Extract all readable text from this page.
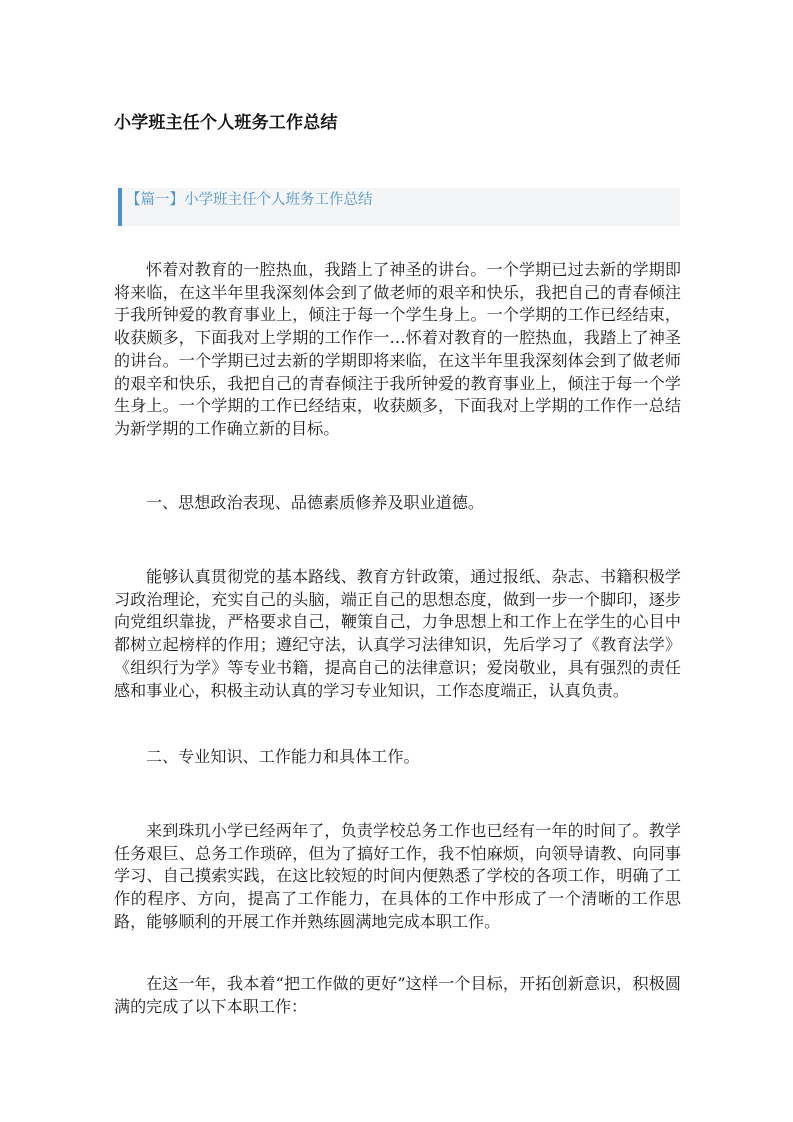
小学班主任个人班务工作总结
【篇一】小学班主任个人班务工作总结

怀着对教育的一腔热血，我踏上了神圣的讲台。一个学期已过去新的学期即将来临，在这半年里我深刻体会到了做老师的艰辛和快乐，我把自己的青春倾注于我所钟爱的教育事业上，倾注于每一个学生身上。一个学期的工作已经结束，收获颇多，下面我对上学期的工作作一…怀着对教育的一腔热血，我踏上了神圣的讲台。一个学期已过去新的学期即将来临，在这半年里我深刻体会到了做老师的艰辛和快乐，我把自己的青春倾注于我所钟爱的教育事业上，倾注于每一个学生身上。一个学期的工作已经结束，收获颇多，下面我对上学期的工作作一总结为新学期的工作确立新的目标。

一、思想政治表现、品德素质修养及职业道德。

能够认真贯彻党的基本路线、教育方针政策，通过报纸、杂志、书籍积极学习政治理论，充实自己的头脑，端正自己的思想态度，做到一步一个脚印，逐步向党组织靠拢，严格要求自己，鞭策自己，力争思想上和工作上在学生的心目中都树立起榜样的作用；遵纪守法，认真学习法律知识，先后学习了《教育法学》《组织行为学》等专业书籍，提高自己的法律意识；爱岗敬业，具有强烈的责任感和事业心，积极主动认真的学习专业知识，工作态度端正，认真负责。

二、专业知识、工作能力和具体工作。

来到珠玑小学已经两年了，负责学校总务工作也已经有一年的时间了。教学任务艰巨、总务工作琐碎，但为了搞好工作，我不怕麻烦，向领导请教、向同事学习、自己摸索实践，在这比较短的时间内便熟悉了学校的各项工作，明确了工作的程序、方向，提高了工作能力，在具体的工作中形成了一个清晰的工作思路，能够顺利的开展工作并熟练圆满地完成本职工作。

在这一年，我本着“把工作做的更好”这样一个目标，开拓创新意识，积极圆满的完成了以下本职工作：
